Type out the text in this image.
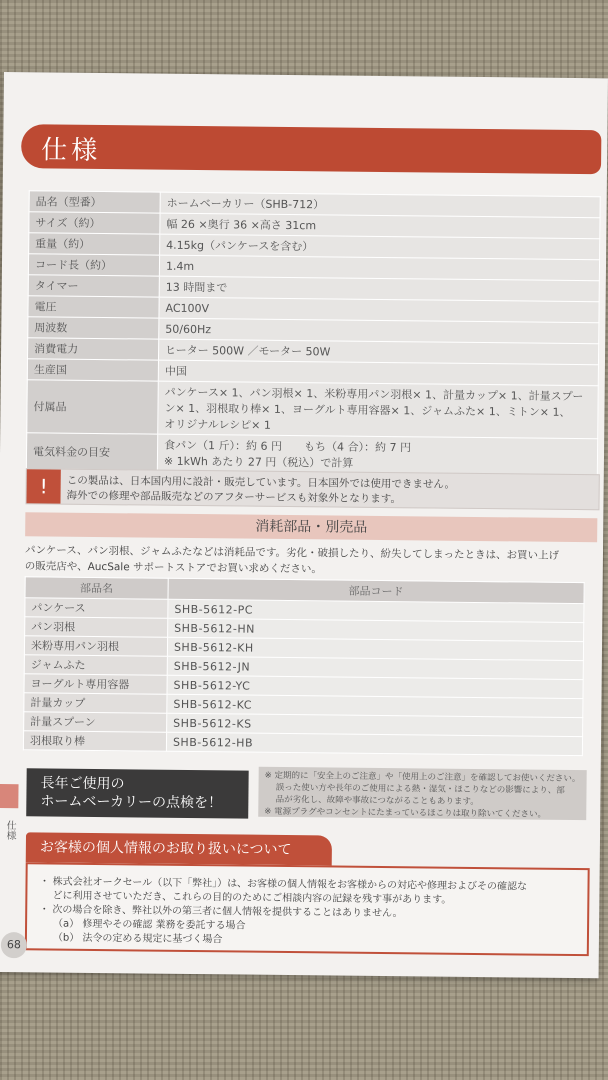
仕様
品名（型番）	ホームベーカリー（SHB-712）
サイズ（約）	幅 26 ×奥行 36 ×高さ 31cm
重量（約）	4.15kg（パンケースを含む）
コード長（約）	1.4m
タイマー	13 時間まで
電圧	AC100V
周波数	50/60Hz
消費電力	ヒーター 500W ／モーター 50W
生産国	中国
付属品	パンケース× 1、パン羽根× 1、米粉専用パン羽根× 1、計量カップ× 1、計量スプー
ン× 1、羽根取り棒× 1、ヨーグルト専用容器× 1、ジャムふた× 1、ミトン× 1、
オリジナルレシピ× 1

電気料金の目安	食パン（1 斤）：約 6 円　　もち（4 合）：約 7 円
※ 1kWh あたり 27 円（税込）で計算
!	この製品は、日本国内用に設計・販売しています。日本国外では使用できません。
海外での修理や部品販売などのアフターサービスも対象外となります。
消耗部品・別売品
パンケース、パン羽根、ジャムふたなどは消耗品です。劣化・破損したり、紛失してしまったときは、お買い上げ
の販売店や、AucSale サポートストアでお買い求めください。
部品名	部品コード
パンケース	SHB-5612-PC
パン羽根	SHB-5612-HN
米粉専用パン羽根	SHB-5612-KH
ジャムふた	SHB-5612-JN
ヨーグルト専用容器	SHB-5612-YC
計量カップ	SHB-5612-KC
計量スプーン	SHB-5612-KS
羽根取り棒	SHB-5612-HB
長年ご使用の
ホームベーカリーの点検を！
※ 定期的に「安全上のご注意」や「使用上のご注意」を確認してお使いください。
　 誤った使い方や長年のご使用による熱・湿気・ほこりなどの影響により、部
　 品が劣化し、故障や事故につながることもあります。
※ 電源プラグやコンセントにたまっているほこりは取り除いてください。
お客様の個人情報のお取り扱いについて
・ 株式会社オークセール（以下「弊社」）は、お客様の個人情報をお客様からの対応や修理およびその確認な
　 どに利用させていただき、これらの目的のためにご相談内容の記録を残す事があります。
・ 次の場合を除き、弊社以外の第三者に個人情報を提供することはありません。
（a） 修理やその確認 業務を委託する場合
（b） 法令の定める規定に基づく場合
仕様
68
